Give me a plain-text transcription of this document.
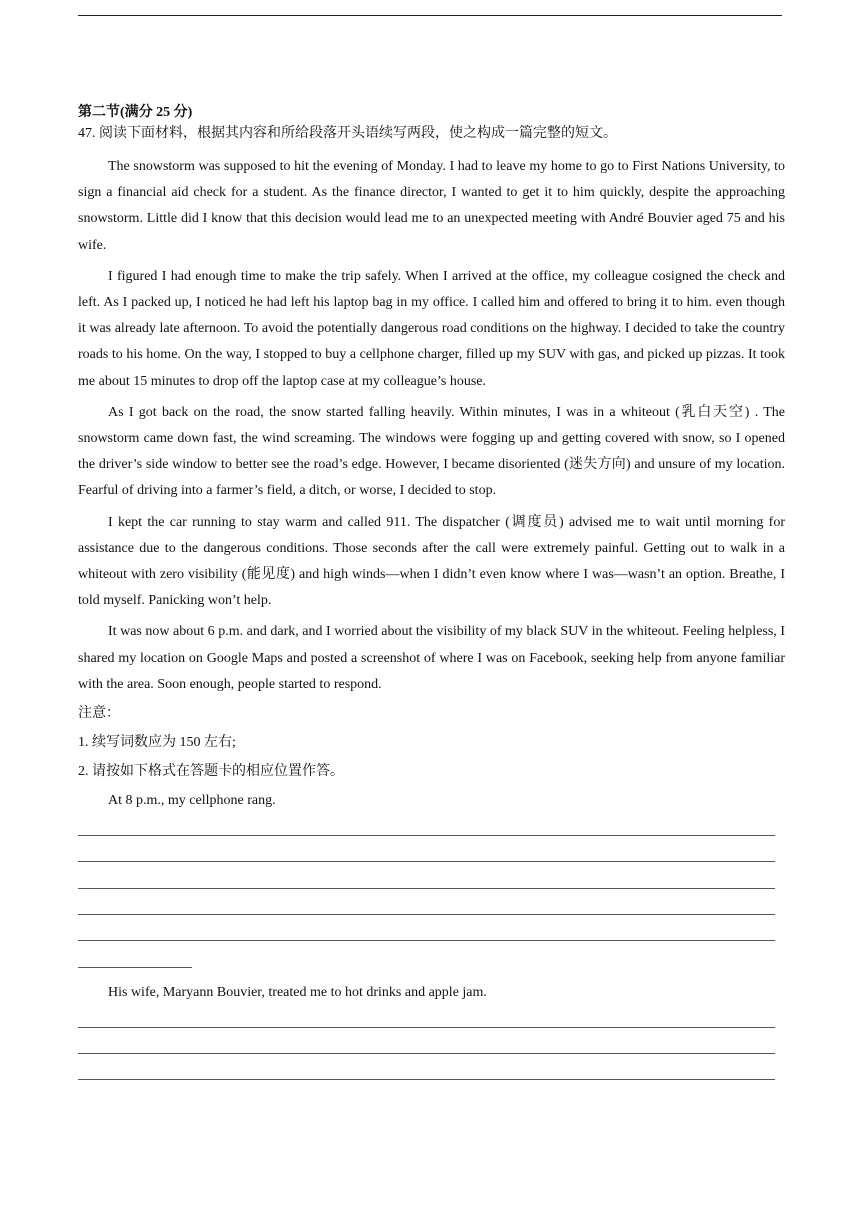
第二节(满分 25 分)
47. 阅读下面材料，根据其内容和所给段落开头语续写两段，使之构成一篇完整的短文。

The snowstorm was supposed to hit the evening of Monday. I had to leave my home to go to First Nations University, to sign a financial aid check for a student. As the finance director, I wanted to get it to him quickly, despite the approaching snowstorm. Little did I know that this decision would lead me to an unexpected meeting with André Bouvier aged 75 and his wife.

I figured I had enough time to make the trip safely. When I arrived at the office, my colleague cosigned the check and left. As I packed up, I noticed he had left his laptop bag in my office. I called him and offered to bring it to him. even though it was already late afternoon. To avoid the potentially dangerous road conditions on the highway. I decided to take the country roads to his home. On the way, I stopped to buy a cellphone charger, filled up my SUV with gas, and picked up pizzas. It took me about 15 minutes to drop off the laptop case at my colleague’s house.

As I got back on the road, the snow started falling heavily. Within minutes, I was in a whiteout (乳白天空) . The snowstorm came down fast, the wind screaming. The windows were fogging up and getting covered with snow, so I opened the driver’s side window to better see the road’s edge. However, I became disoriented (迷失方向) and unsure of my location. Fearful of driving into a farmer’s field, a ditch, or worse, I decided to stop.

I kept the car running to stay warm and called 911. The dispatcher (调度员) advised me to wait until morning for assistance due to the dangerous conditions. Those seconds after the call were extremely painful. Getting out to walk in a whiteout with zero visibility (能见度) and high winds—when I didn’t even know where I was—wasn’t an option. Breathe, I told myself. Panicking won’t help.

It was now about 6 p.m. and dark, and I worried about the visibility of my black SUV in the whiteout. Feeling helpless, I shared my location on Google Maps and posted a screenshot of where I was on Facebook, seeking help from anyone familiar with the area. Soon enough, people started to respond.

注意：
1. 续写词数应为 150 左右;
2. 请按如下格式在答题卡的相应位置作答。
At 8 p.m., my cellphone rang.
His wife, Maryann Bouvier, treated me to hot drinks and apple jam.
